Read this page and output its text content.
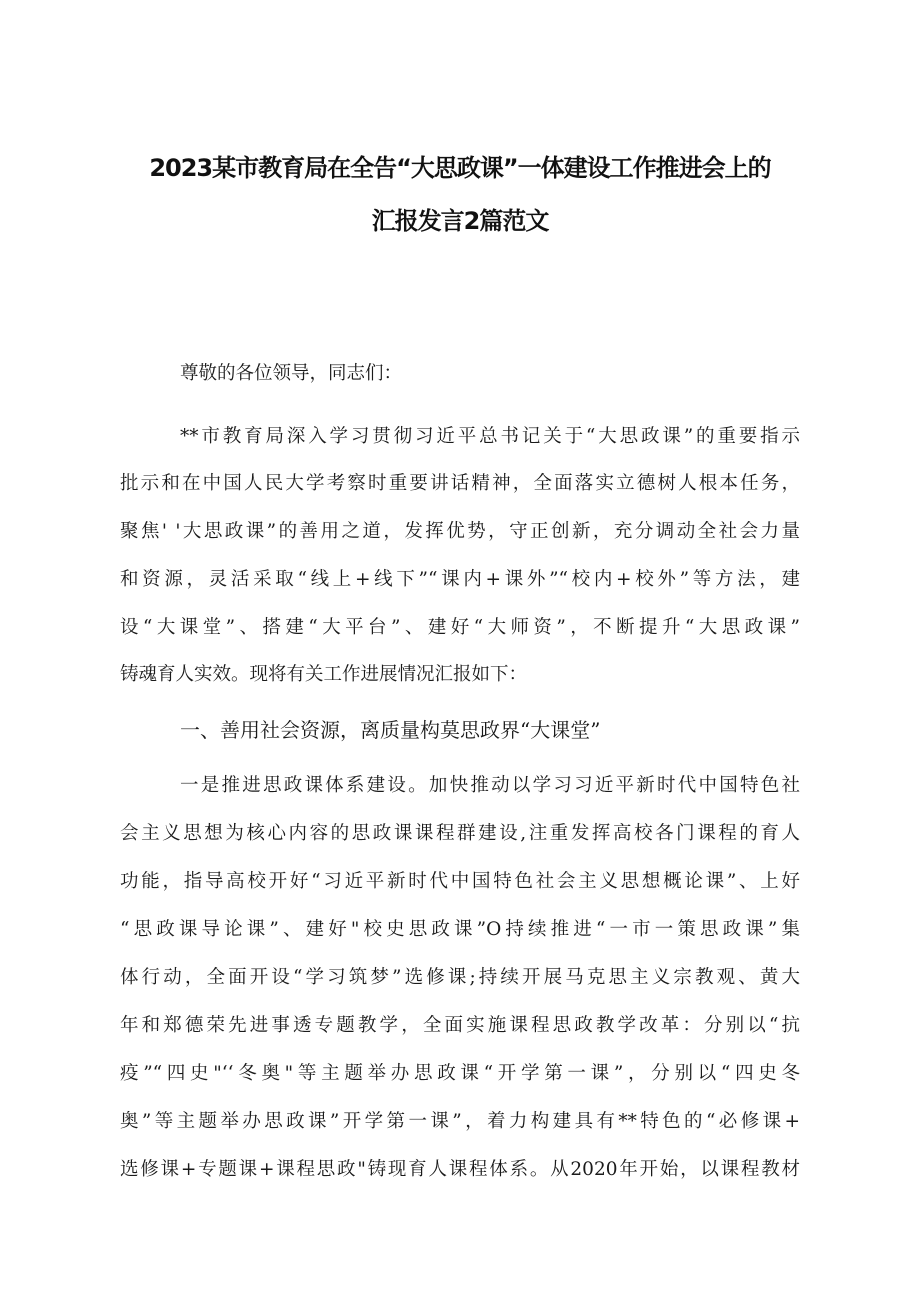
2023某市教育局在全告“大思政课”一体建设工作推进会上的
汇报发言2篇范文
尊敬的各位领导，同志们：
**市教育局深入学习贯彻习近平总书记关于“大思政课”的重要指示
批示和在中国人民大学考察时重要讲话精神，全面落实立德树人根本任务，
聚焦' '大思政课”的善用之道，发挥优势，守正创新，充分调动全社会力量
和资源，灵活采取“线上+线下”“课内+课外”“校内+校外”等方法，建
设“大课堂”、搭建“大平台”、建好“大师资”，不断提升“大思政课”
铸魂育人实效。现将有关工作进展情况汇报如下：
一、善用社会资源，离质量构莫思政界“大课堂”
一是推进思政课体系建设。加快推动以学习习近平新时代中国特色社
会主义思想为核心内容的思政课课程群建设,注重发挥高校各门课程的育人
功能，指导高校开好“习近平新时代中国特色社会主义思想概论课”、上好
“思政课导论课”、建好"校史思政课”O持续推进“一市一策思政课”集
体行动，全面开设“学习筑梦”选修课;持续开展马克思主义宗教观、黄大
年和郑德荣先进事透专题教学，全面实施课程思政教学改革：分别以“抗
疫”“四史"‘‘冬奥"等主题举办思政课“开学第一课”，分别以“四史冬
奥”等主题举办思政课”开学第一课”，着力构建具有**特色的“必修课+
选修课+专题课+课程思政"铸现育人课程体系。从2020年开始，以课程教材
